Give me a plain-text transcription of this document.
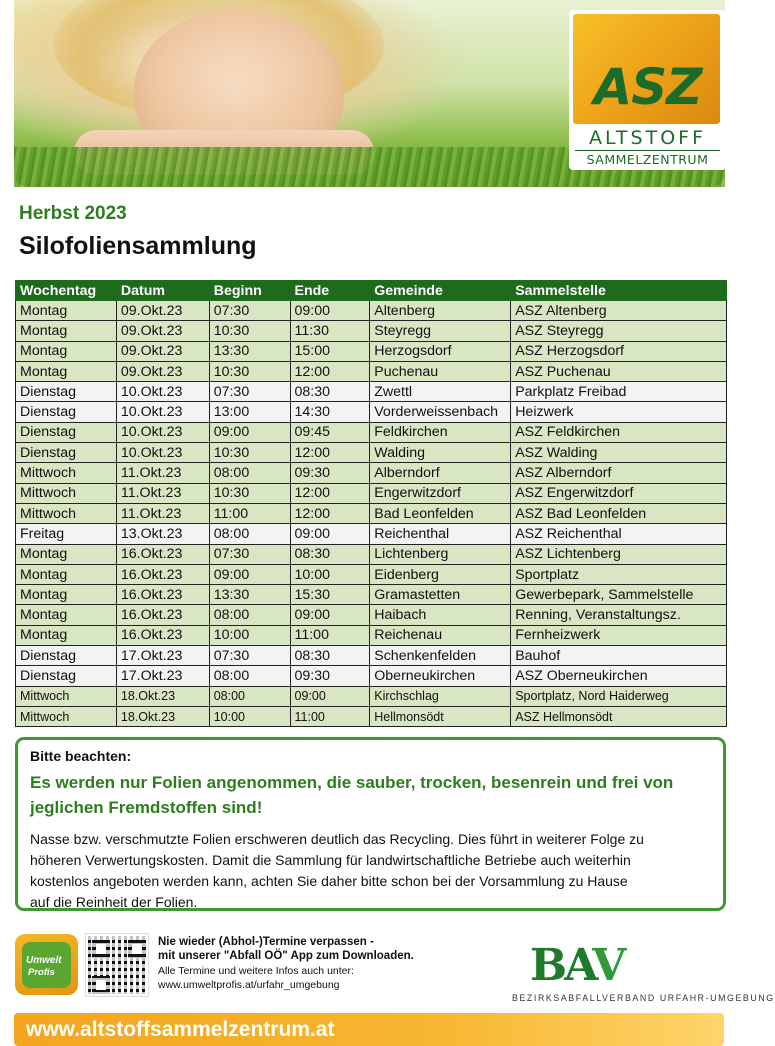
ASZ
ALTSTOFF
SAMMELZENTRUM
Herbst 2023
Silofoliensammlung
Wochentag	Datum	Beginn	Ende	Gemeinde	Sammelstelle
Montag	09.Okt.23	07:30	09:00	Altenberg	ASZ Altenberg
Montag	09.Okt.23	10:30	11:30	Steyregg	ASZ Steyregg
Montag	09.Okt.23	13:30	15:00	Herzogsdorf	ASZ Herzogsdorf
Montag	09.Okt.23	10:30	12:00	Puchenau	ASZ Puchenau
Dienstag	10.Okt.23	07:30	08:30	Zwettl	Parkplatz Freibad
Dienstag	10.Okt.23	13:00	14:30	Vorderweissenbach	Heizwerk
Dienstag	10.Okt.23	09:00	09:45	Feldkirchen	ASZ Feldkirchen
Dienstag	10.Okt.23	10:30	12:00	Walding	ASZ Walding
Mittwoch	11.Okt.23	08:00	09:30	Alberndorf	ASZ Alberndorf
Mittwoch	11.Okt.23	10:30	12:00	Engerwitzdorf	ASZ Engerwitzdorf
Mittwoch	11.Okt.23	11:00	12:00	Bad Leonfelden	ASZ Bad Leonfelden
Freitag	13.Okt.23	08:00	09:00	Reichenthal	ASZ Reichenthal
Montag	16.Okt.23	07:30	08:30	Lichtenberg	ASZ Lichtenberg
Montag	16.Okt.23	09:00	10:00	Eidenberg	Sportplatz
Montag	16.Okt.23	13:30	15:30	Gramastetten	Gewerbepark, Sammelstelle
Montag	16.Okt.23	08:00	09:00	Haibach	Renning, Veranstaltungsz.
Montag	16.Okt.23	10:00	11:00	Reichenau	Fernheizwerk
Dienstag	17.Okt.23	07:30	08:30	Schenkenfelden	Bauhof
Dienstag	17.Okt.23	08:00	09:30	Oberneukirchen	ASZ Oberneukirchen
Mittwoch	18.Okt.23	08:00	09:00	Kirchschlag	Sportplatz, Nord Haiderweg
Mittwoch	18.Okt.23	10:00	11:00	Hellmonsödt	ASZ Hellmonsödt
Bitte beachten:
Es werden nur Folien angenommen, die sauber, trocken, besenrein und frei von
jeglichen Fremdstoffen sind!
Nasse bzw. verschmutzte Folien erschweren deutlich das Recycling. Dies führt in weiterer Folge zu
höheren Verwertungskosten. Damit die Sammlung für landwirtschaftliche Betriebe auch weiterhin
kostenlos angeboten werden kann, achten Sie daher bitte schon bei der Vorsammlung zu Hause
auf die Reinheit der Folien.
Umwelt
Profis
Nie wieder (Abhol-)Termine verpassen -
mit unserer "Abfall OÖ" App zum Downloaden.
Alle Termine und weitere Infos auch unter:
www.umweltprofis.at/urfahr_umgebung	BAV
BEZIRKSABFALLVERBAND URFAHR-UMGEBUNG
www.altstoffsammelzentrum.at
